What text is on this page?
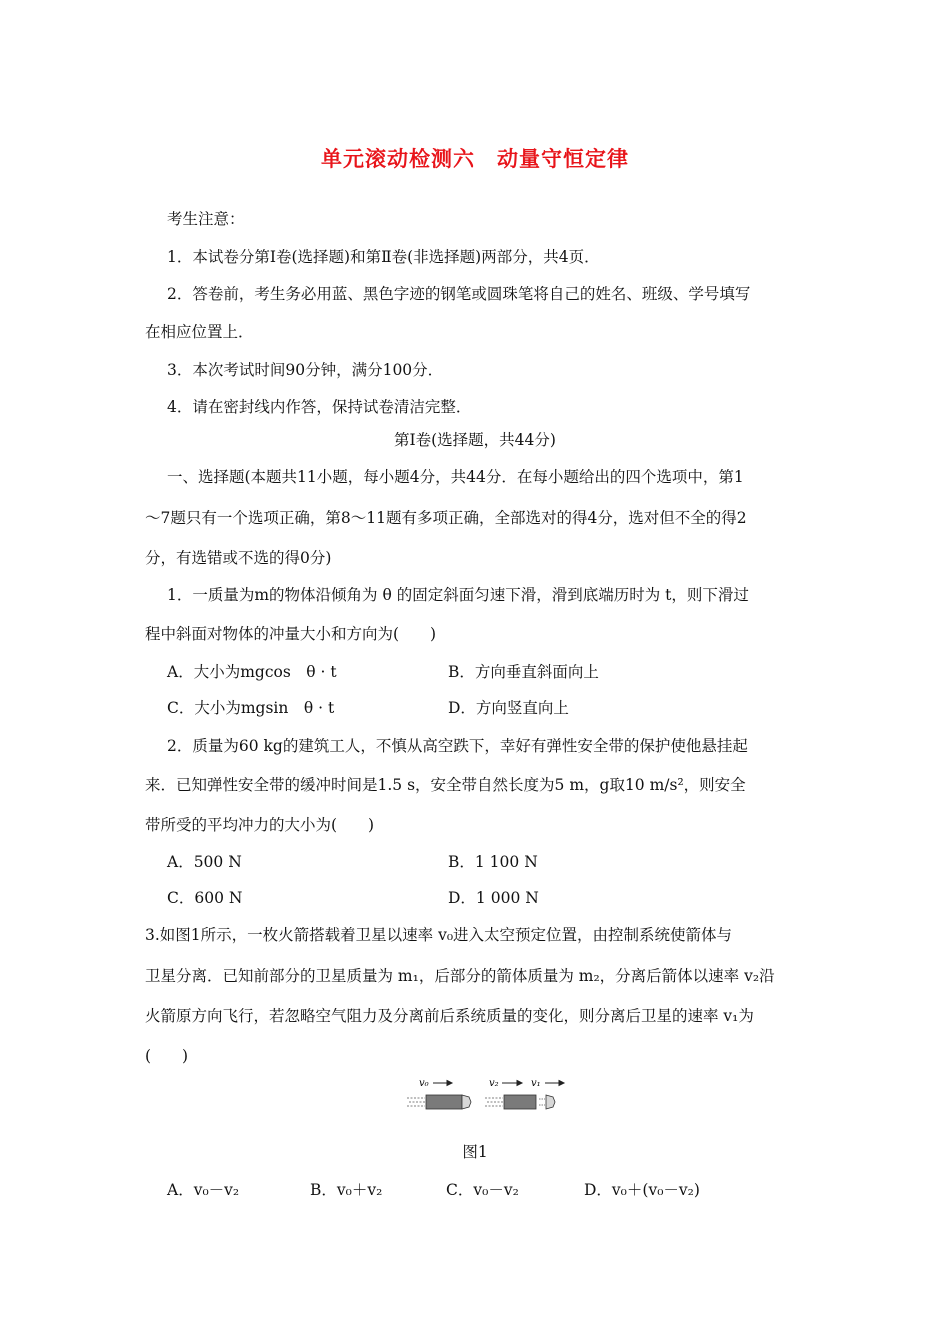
单元滚动检测六　动量守恒定律
考生注意：
1．本试卷分第Ⅰ卷(选择题)和第Ⅱ卷(非选择题)两部分，共4页．
2．答卷前，考生务必用蓝、黑色字迹的钢笔或圆珠笔将自己的姓名、班级、学号填写
在相应位置上．
3．本次考试时间90分钟，满分100分．
4．请在密封线内作答，保持试卷清洁完整．
第Ⅰ卷(选择题，共44分)
一、选择题(本题共11小题，每小题4分，共44分．在每小题给出的四个选项中，第1
～7题只有一个选项正确，第8～11题有多项正确，全部选对的得4分，选对但不全的得2
分，有选错或不选的得0分)
1．一质量为m的物体沿倾角为 θ 的固定斜面匀速下滑，滑到底端历时为 t，则下滑过
程中斜面对物体的冲量大小和方向为(　　)
A．大小为mgcos　θ · t	B．方向垂直斜面向上
C．大小为mgsin　θ · t	D．方向竖直向上
2．质量为60 kg的建筑工人，不慎从高空跌下，幸好有弹性安全带的保护使他悬挂起
来．已知弹性安全带的缓冲时间是1.5 s，安全带自然长度为5 m，g取10 m/s²，则安全
带所受的平均冲力的大小为(　　)
A．500 N	B．1 100 N
C．600 N	D．1 000 N
3.如图1所示，一枚火箭搭载着卫星以速率 v₀进入太空预定位置，由控制系统使箭体与
卫星分离．已知前部分的卫星质量为 m₁，后部分的箭体质量为 m₂，分离后箭体以速率 v₂沿
火箭原方向飞行，若忽略空气阻力及分离前后系统质量的变化，则分离后卫星的速率 v₁为
(　　)
v₀	v₂	v₁
图1
A．v₀－v₂	B．v₀＋v₂	C．v₀－v₂	D．v₀＋(v₀－v₂)
